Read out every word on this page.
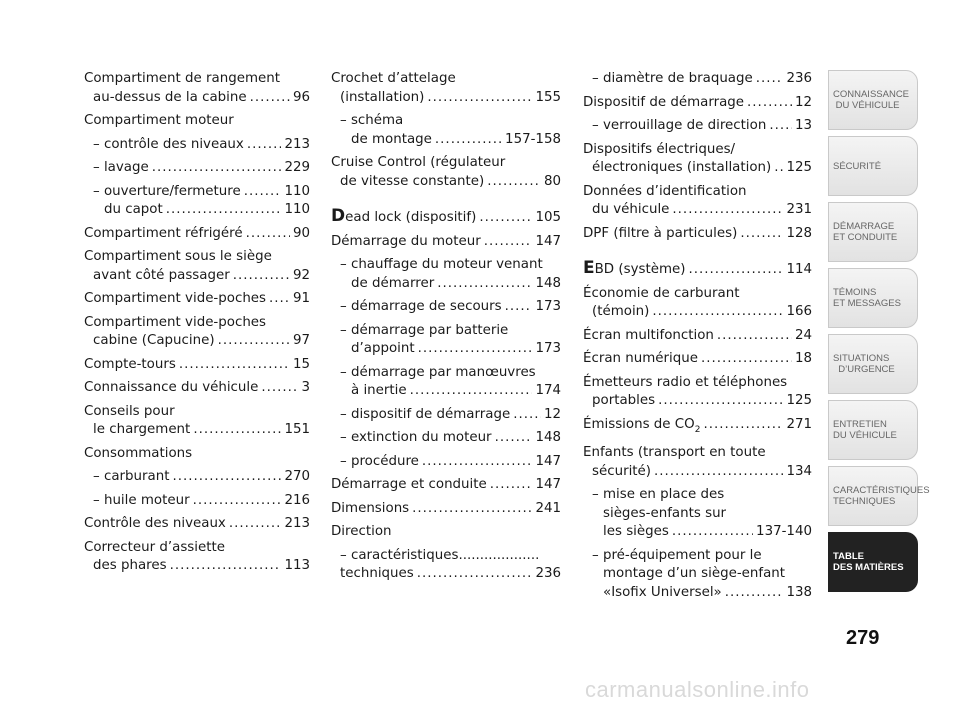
Compartiment de rangement
au-dessus de la cabine .....	96
Compartiment moteur
– contrôle des niveaux .....	213
– lavage .....	229
– ouverture/fermeture .....	110
du capot .....	110
Compartiment réfrigéré .....	90
Compartiment sous le siège
avant côté passager .....	92
Compartiment vide-poches ..... 91
Compartiment vide-poches
cabine (Capucine) .....	97
Compte-tours .....	15
Connaissance du véhicule .....	3
Conseils pour
le chargement .....	151
Consommations
– carburant .....	270
– huile moteur .....	216
Contrôle des niveaux .....	213
Correcteur d’assiette
des phares .....	113
Crochet d’attelage
(installation) .....	155
– schéma
de montage .....	157-158
Cruise Control (régulateur
de vitesse constante) .....	80
Dead lock (dispositif) .....	105
Démarrage du moteur .....	147
– chauffage du moteur venant
de démarrer .....	148
– démarrage de secours .....	173
– démarrage par batterie
d’appoint .....	173
– démarrage par manœuvres
à inertie .....	174
– dispositif de démarrage .....	12
– extinction du moteur .....	148
– procédure .....	147
Démarrage et conduite .....	147
Dimensions .....	241
Direction
– caractéristiques...................
techniques .....	236
– diamètre de braquage .....	236
Dispositif de démarrage .....	12
– verrouillage de direction ..... 13
Dispositifs électriques/
électroniques (installation) ..... 125
Données d’identification
du véhicule .....	231
DPF (filtre à particules) .....	128
EBD (système) .....	114
Économie de carburant
(témoin) .....	166
Écran multifonction .....	24
Écran numérique .....	18
Émetteurs radio et téléphones
portables .....	125
Émissions de $CO_2$ .....	271
Enfants (transport en toute
sécurité) .....	134
– mise en place des
sièges-enfants sur
les sièges .....	137-140
– pré-équipement pour le
montage d’un siège-enfant
«Isofix Universel» .....	138
CONNAISSANCE
DU VÉHICULE
SÉCURITÉ
DÉMARRAGE
ET CONDUITE
TÉMOINS
ET MESSAGES
SITUATIONS
D’URGENCE
ENTRETIEN
DU VÉHICULE
CARACTÉRISTIQUES
TECHNIQUES
TABLE
DES MATIÈRES
279
carmanualsonline.info
